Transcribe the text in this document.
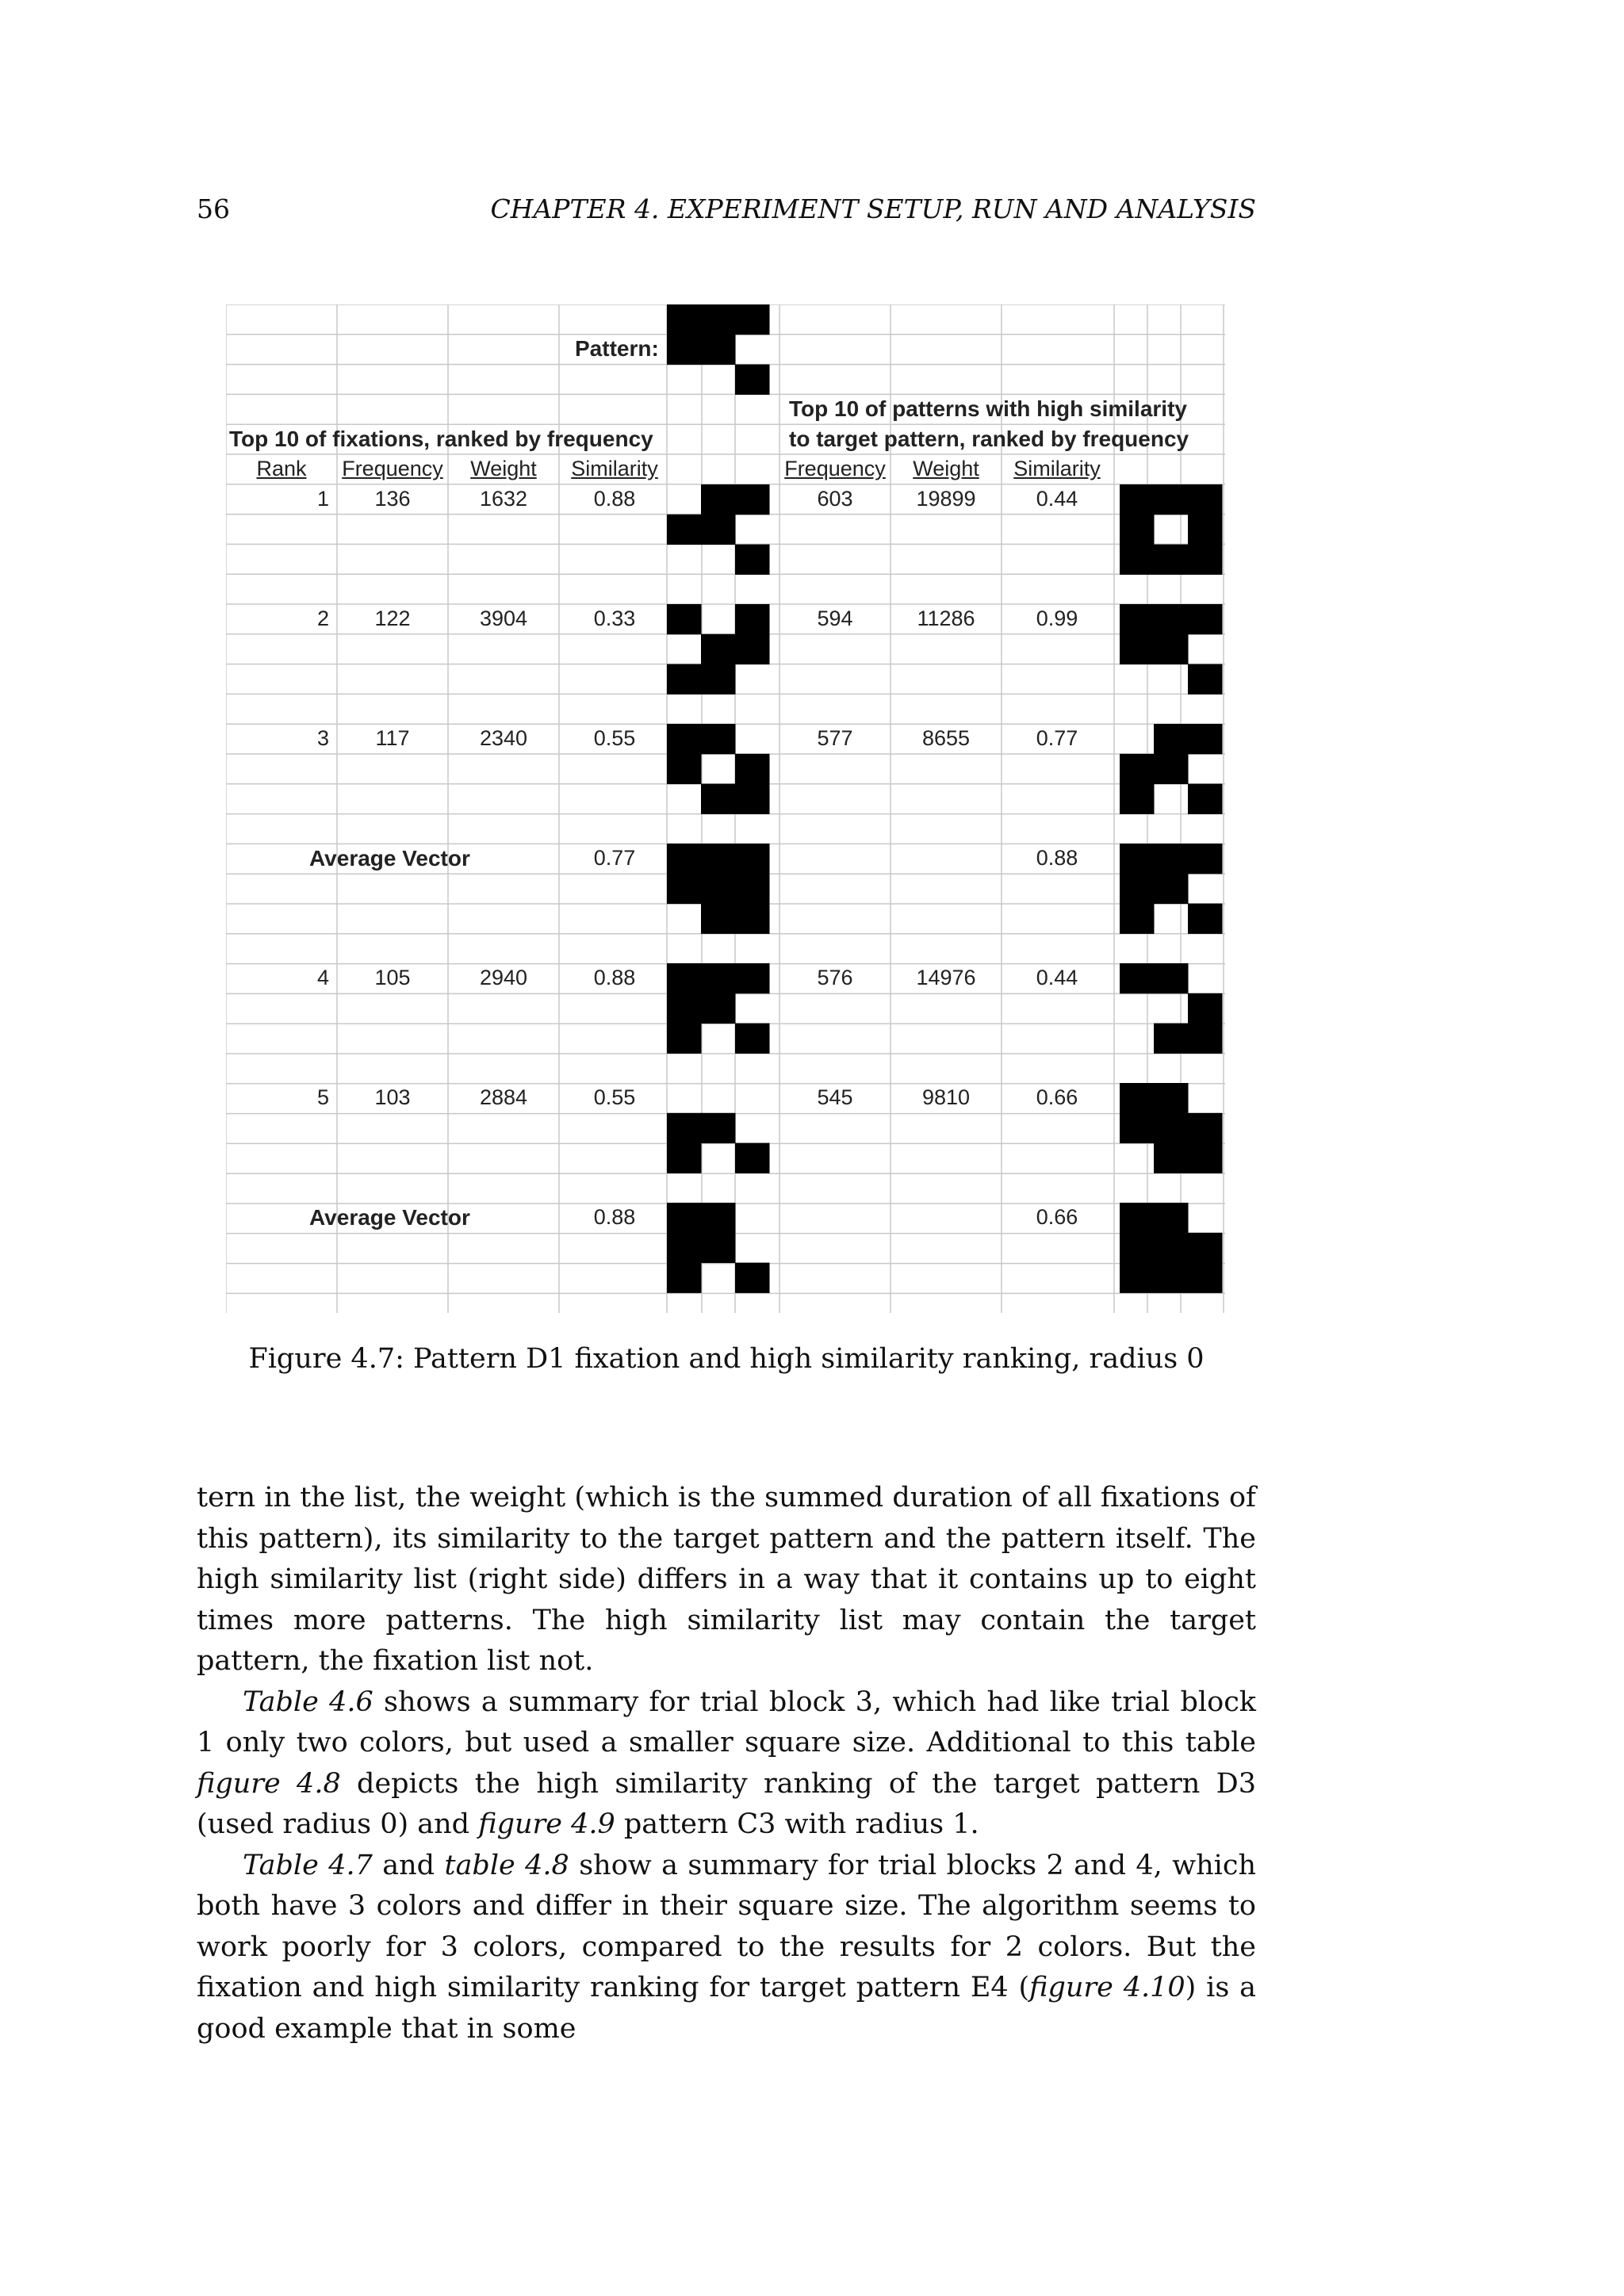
56	CHAPTER 4. EXPERIMENT SETUP, RUN AND ANALYSIS
Pattern:
Top 10 of patterns with high similarity
Top 10 of fixations, ranked by frequency	to target pattern, ranked by frequency
Rank	Frequency	Weight	Similarity	Frequency	Weight	Similarity
1	136	1632	0.88	603	19899	0.44
2	122	3904	0.33	594	11286	0.99
3	117	2340	0.55	577	8655	0.77
Average Vector	0.77	0.88
4	105	2940	0.88	576	14976	0.44
5	103	2884	0.55	545	9810	0.66
Average Vector	0.88	0.66
Figure 4.7: Pattern D1 fixation and high similarity ranking, radius 0

tern in the list, the weight (which is the summed duration of all fixations of this pattern), its similarity to the target pattern and the pattern itself. The high similarity list (right side) differs in a way that it contains up to eight times more patterns. The high similarity list may contain the target pattern, the fixation list not.

Table 4.6 shows a summary for trial block 3, which had like trial block 1 only two colors, but used a smaller square size. Additional to this table figure 4.8 depicts the high similarity ranking of the target pattern D3 (used radius 0) and figure 4.9 pattern C3 with radius 1.

Table 4.7 and table 4.8 show a summary for trial blocks 2 and 4, which both have 3 colors and differ in their square size. The algorithm seems to work poorly for 3 colors, compared to the results for 2 colors. But the fixation and high similarity ranking for target pattern E4 (figure 4.10) is a good example that in some
